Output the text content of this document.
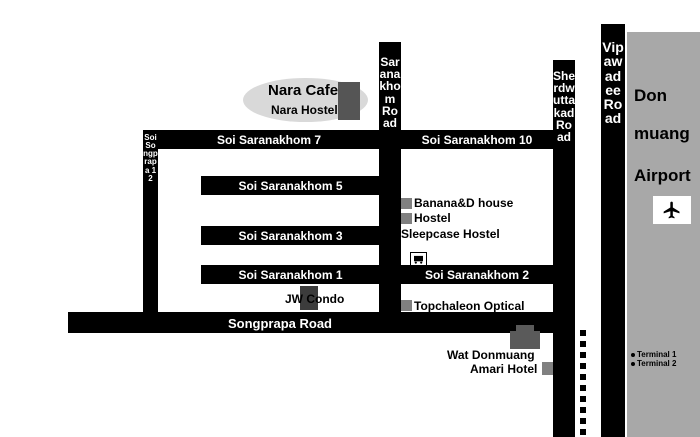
Vipawadee Road
Sherdwuttakad Road
Saranakhom Road
Soi Songprapa 12
Soi Saranakhom 7	Soi Saranakhom 10
Soi Saranakhom 5
Soi Saranakhom 3
Soi Saranakhom 1	Soi Saranakhom 2
Songprapa Road
Don
muang
Airport
Terminal 1
Terminal 2
Nara Cafe
Nara Hostel
Banana&D house
Hostel
Sleepcase Hostel
JW Condo	Topchaleon Optical
Wat Donmuang
Amari Hotel
